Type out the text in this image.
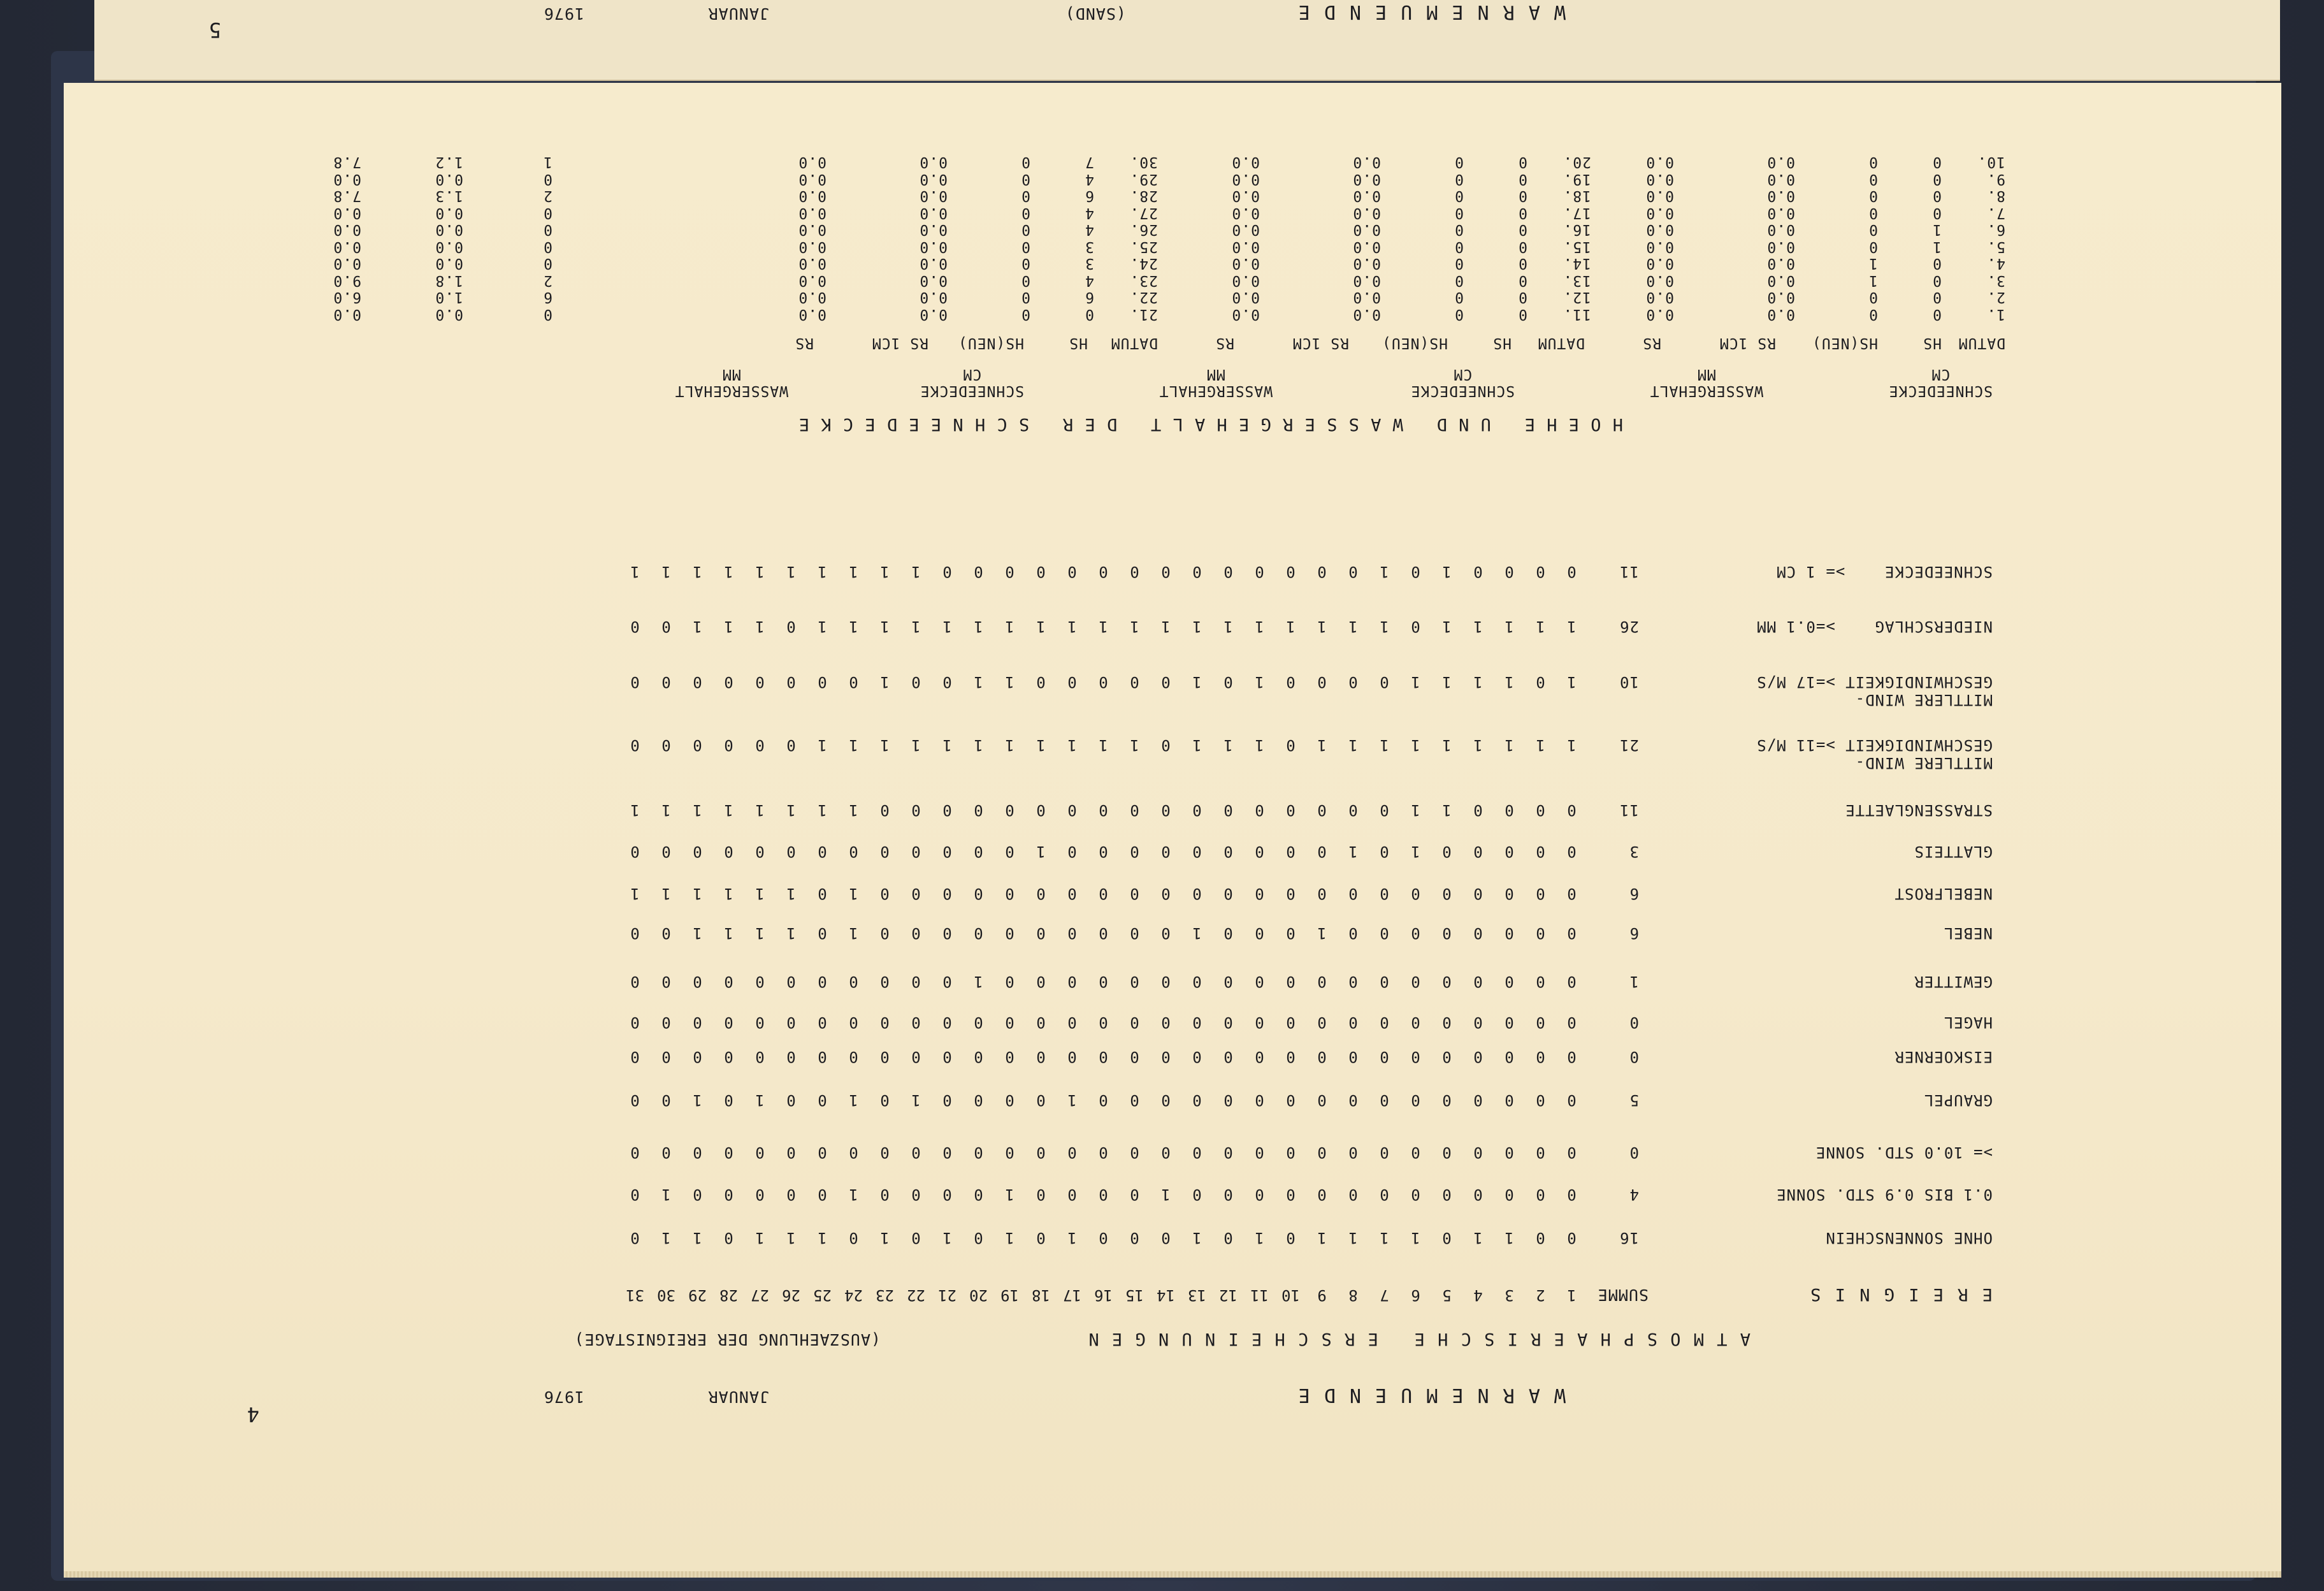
4
W A R N E M U E N D E
JANUAR
1976
A T M O S P H A E R I S C H E   E R S C H E I N U N G E N
(AUSZAEHLUNG DER EREIGNISTAGE)
E R E I G N I S
SUMME
12345678910111213141516171819202122232425262728293031
OHNE SONNENSCHEIN
16
0011011110101000101010101110110
0.1 BIS 0.9 STD. SONNE
4
0000000000000100001000010000010
>= 10.0 STD. SONNE
0
0000000000000000000000000000000
GRAUPEL
5
0000000000000000100001010010100
EISKOERNER
0
0000000000000000000000000000000
HAGEL
0
0000000000000000000000000000000
GEWITTER
1
0000000000000000000100000000000
NEBEL
6
0000000010001000000000010111100
NEBELFROST
6
0000000000000000000000010111111
GLATTEIS
3
0000010100000000010000000000000
STRASSENGLAETTE
11
0000110000000000000000011111111
MITTLERE WIND-
GESCHWINDIGKEIT >=11 M/S
21
1111111110111011111111111000000
MITTLERE WIND-
GESCHWINDIGKEIT >=17 M/S
10
1011110000101000001100100000000
NIEDERSCHLAG    >=0.1 MM
26
1111101111111111111111111011100
SCHNEEDECKE    >= 1 CM
11
0000101000000000000001111111111
H O E H E   U N D   W A S S E R G E H A L T   D E R   S C H N E E D E C K E
SCHNEEDECKE
CM
WASSERGEHALT
MM
SCHNEEDECKE
CM
WASSERGEHALT
MM
SCHNEEDECKE
CM
WASSERGEHALT
MM
DATUM
HS
HS(NEU)
RS 1CM
RS
DATUM
HS
HS(NEU)
RS 1CM
RS
DATUM
HS
HS(NEU)
RS 1CM
RS
1.
2.
3.
4.
5.
6.
7.
8.
9.
10.
0
0
0
0
1
1
0
0
0
0
0
0
1
1
0
0
0
0
0
0
0.0
0.0
0.0
0.0
0.0
0.0
0.0
0.0
0.0
0.0
0.0
0.0
0.0
0.0
0.0
0.0
0.0
0.0
0.0
0.0
11.
12.
13.
14.
15.
16.
17.
18.
19.
20.
0
0
0
0
0
0
0
0
0
0
0
0
0
0
0
0
0
0
0
0
0.0
0.0
0.0
0.0
0.0
0.0
0.0
0.0
0.0
0.0
0.0
0.0
0.0
0.0
0.0
0.0
0.0
0.0
0.0
0.0
21.
22.
23.
24.
25.
26.
27.
28.
29.
30.
0
6
4
3
3
4
4
6
4
7
0
0
0
0
0
0
0
0
0
0
0.0
0.0
0.0
0.0
0.0
0.0
0.0
0.0
0.0
0.0
0.0
0.0
0.0
0.0
0.0
0.0
0.0
0.0
0.0
0.0
0
6
2
0
0
0
0
2
0
1
0.0
1.0
1.8
0.0
0.0
0.0
0.0
1.3
0.0
1.2
0.0
6.0
9.0
0.0
0.0
0.0
0.0
7.8
0.0
7.8
W A R N E M U E N D E
(SAND)
JANUAR
1976
5
